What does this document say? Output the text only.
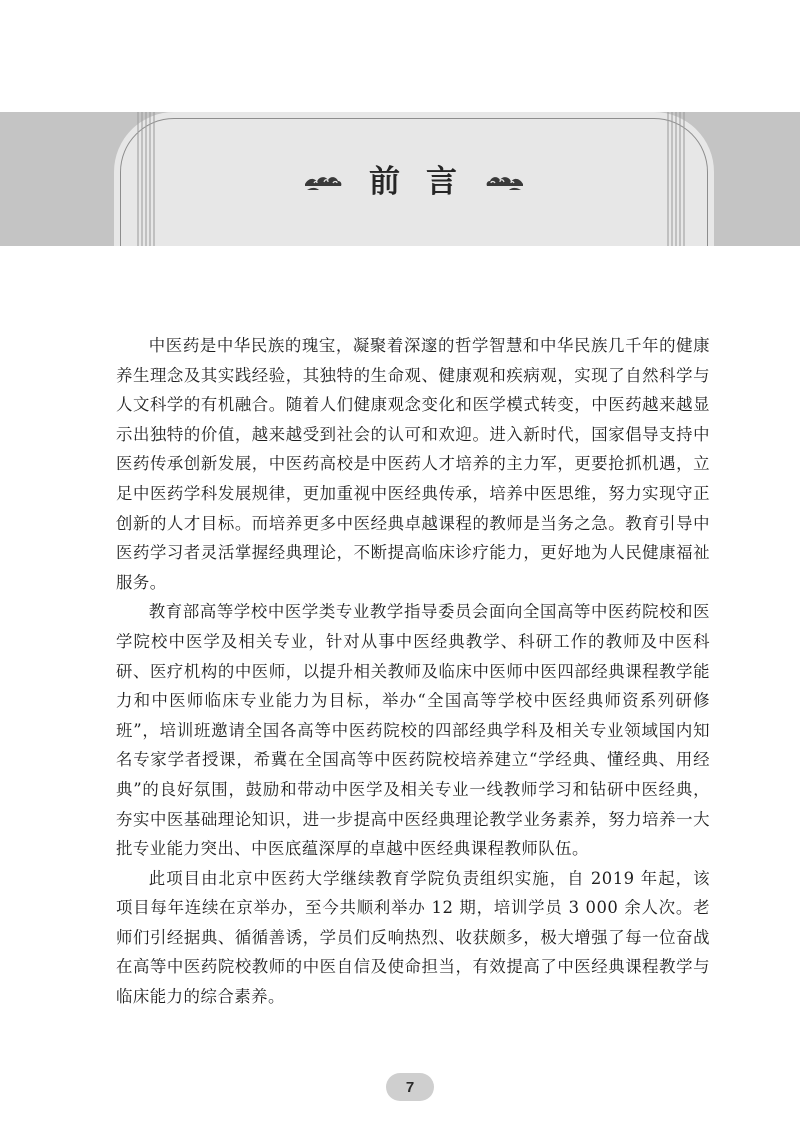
前言

中医药是中华民族的瑰宝，凝聚着深邃的哲学智慧和中华民族几千年的健康养生理念及其实践经验，其独特的生命观、健康观和疾病观，实现了自然科学与人文科学的有机融合。随着人们健康观念变化和医学模式转变，中医药越来越显示出独特的价值，越来越受到社会的认可和欢迎。进入新时代，国家倡导支持中医药传承创新发展，中医药高校是中医药人才培养的主力军，更要抢抓机遇，立足中医药学科发展规律，更加重视中医经典传承，培养中医思维，努力实现守正创新的人才目标。而培养更多中医经典卓越课程的教师是当务之急。教育引导中医药学习者灵活掌握经典理论，不断提高临床诊疗能力，更好地为人民健康福祉服务。

教育部高等学校中医学类专业教学指导委员会面向全国高等中医药院校和医学院校中医学及相关专业，针对从事中医经典教学、科研工作的教师及中医科研、医疗机构的中医师，以提升相关教师及临床中医师中医四部经典课程教学能力和中医师临床专业能力为目标，举办“全国高等学校中医经典师资系列研修班”，培训班邀请全国各高等中医药院校的四部经典学科及相关专业领域国内知名专家学者授课，希冀在全国高等中医药院校培养建立“学经典、懂经典、用经典”的良好氛围，鼓励和带动中医学及相关专业一线教师学习和钻研中医经典，夯实中医基础理论知识，进一步提高中医经典理论教学业务素养，努力培养一大批专业能力突出、中医底蕴深厚的卓越中医经典课程教师队伍。

此项目由北京中医药大学继续教育学院负责组织实施，自 2019 年起，该项目每年连续在京举办，至今共顺利举办 12 期，培训学员 3 000 余人次。老师们引经据典、循循善诱，学员们反响热烈、收获颇多，极大增强了每一位奋战在高等中医药院校教师的中医自信及使命担当，有效提高了中医经典课程教学与临床能力的综合素养。

7
